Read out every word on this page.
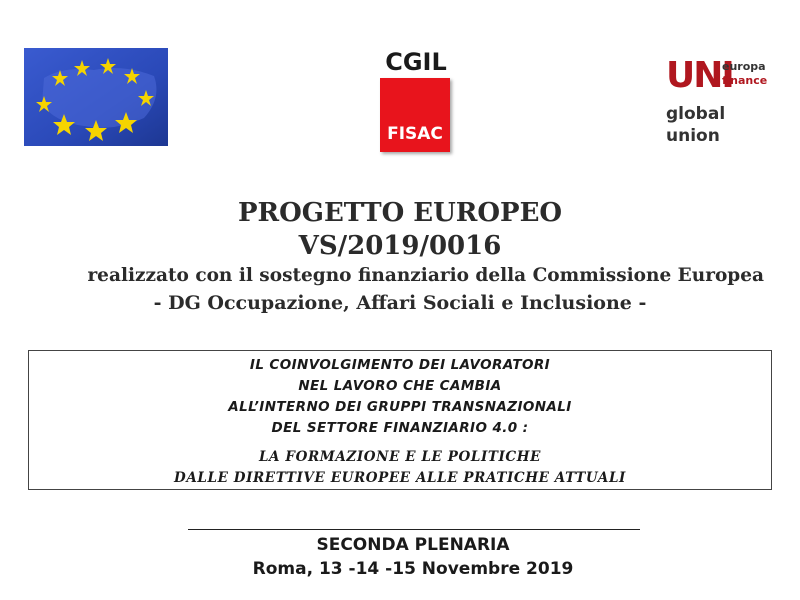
CGIL
FISAC
UNI
europa
finance
global
union
PROGETTO EUROPEO
VS/2019/0016
realizzato con il sostegno finanziario della Commissione Europea
- DG Occupazione, Affari Sociali e Inclusione -
IL COINVOLGIMENTO DEI LAVORATORI
NEL LAVORO CHE CAMBIA
ALL’INTERNO DEI GRUPPI TRANSNAZIONALI
DEL SETTORE FINANZIARIO 4.0 :
LA FORMAZIONE E LE POLITICHE
DALLE DIRETTIVE EUROPEE ALLE PRATICHE ATTUALI
SECONDA PLENARIA
Roma, 13 -14 -15 Novembre 2019
